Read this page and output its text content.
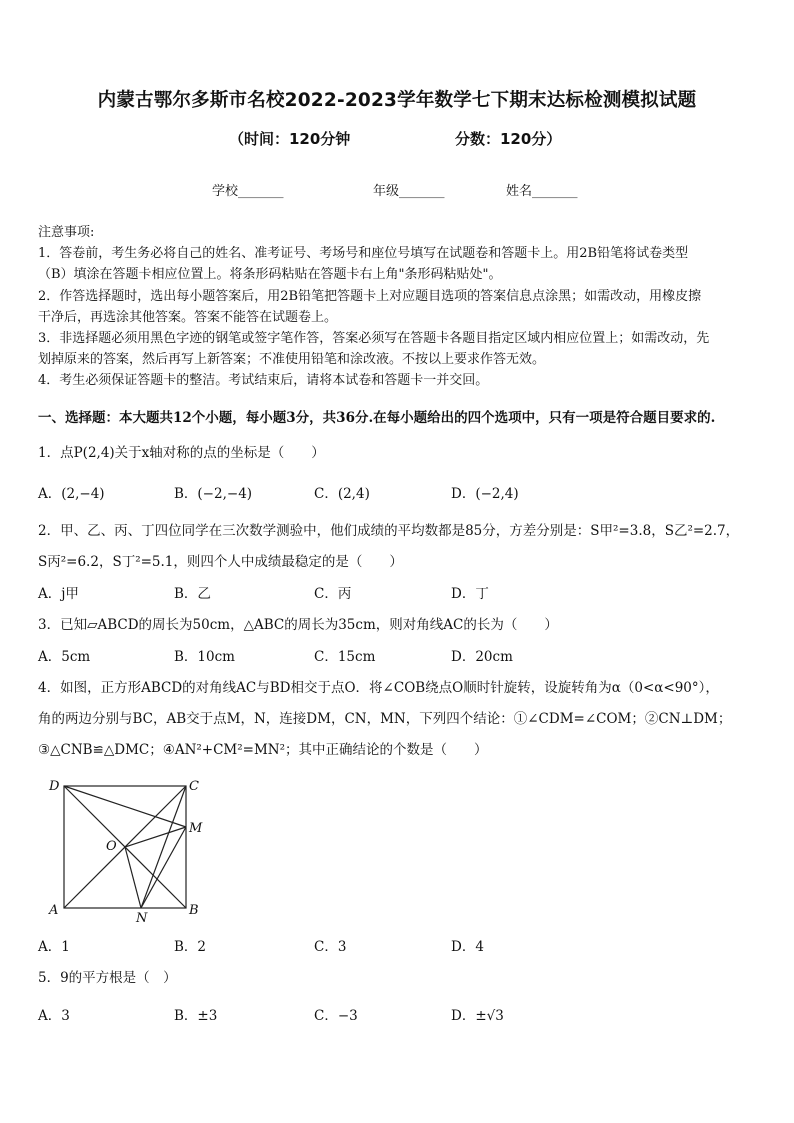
内蒙古鄂尔多斯市名校2022-2023学年数学七下期末达标检测模拟试题
（时间：120分钟	分数：120分）
学校_______	年级_______	姓名_______

注意事项:

1．答卷前，考生务必将自己的姓名、准考证号、考场号和座位号填写在试题卷和答题卡上。用2B铅笔将试卷类型

（B）填涂在答题卡相应位置上。将条形码粘贴在答题卡右上角"条形码粘贴处"。

2．作答选择题时，选出每小题答案后，用2B铅笔把答题卡上对应题目选项的答案信息点涂黑；如需改动，用橡皮擦

干净后，再选涂其他答案。答案不能答在试题卷上。

3．非选择题必须用黑色字迹的钢笔或签字笔作答，答案必须写在答题卡各题目指定区域内相应位置上；如需改动，先

划掉原来的答案，然后再写上新答案；不准使用铅笔和涂改液。不按以上要求作答无效。

4．考生必须保证答题卡的整洁。考试结束后，请将本试卷和答题卡一并交回。

一、选择题：本大题共12个小题，每小题3分，共36分.在每小题给出的四个选项中，只有一项是符合题目要求的.
1．点P(2,4)关于x轴对称的点的坐标是（　　）
A．(2,−4)	B．(−2,−4)	C．(2,4)	D．(−2,4)
2．甲、乙、丙、丁四位同学在三次数学测验中，他们成绩的平均数都是85分，方差分别是：S甲²=3.8，S乙²=2.7，
S丙²=6.2，S丁²=5.1，则四个人中成绩最稳定的是（　　）
A．j甲	B．乙	C．丙	D．丁
3．已知▱ABCD的周长为50cm，△ABC的周长为35cm，则对角线AC的长为（　　）
A．5cm	B．10cm	C．15cm	D．20cm
4．如图，正方形ABCD的对角线AC与BD相交于点O．将∠COB绕点O顺时针旋转，设旋转角为α（0<α<90°），
角的两边分别与BC，AB交于点M，N，连接DM，CN，MN，下列四个结论：①∠CDM=∠COM；②CN⊥DM；
③△CNB≌△DMC；④AN²+CM²=MN²；其中正确结论的个数是（　　）
D	C
M
O
A	B
N
A．1	B．2	C．3	D．4
5．9的平方根是（　）
A．3	B．±3	C．−3	D．±√3
